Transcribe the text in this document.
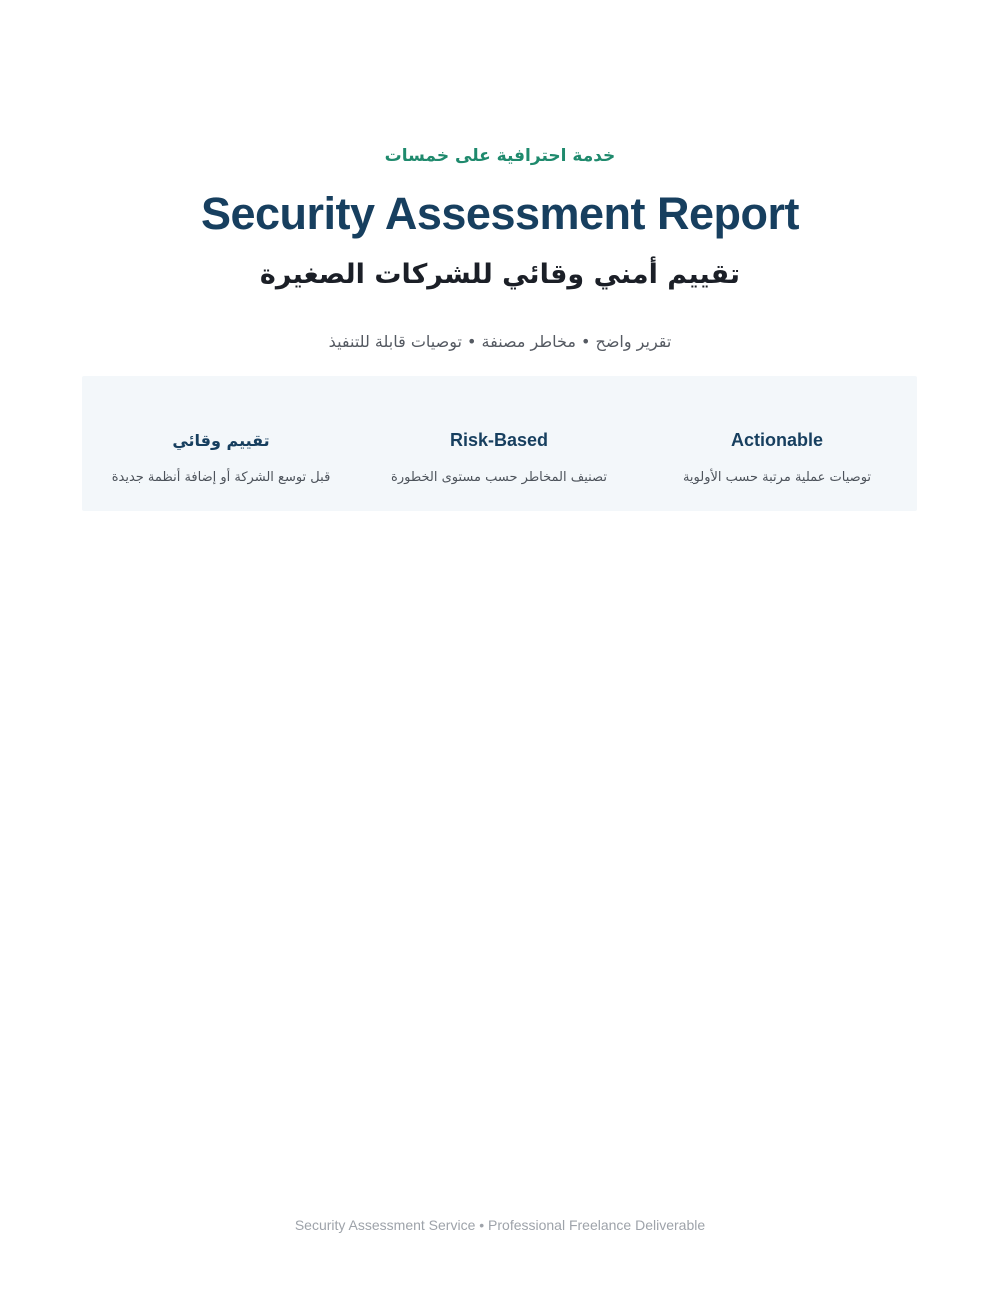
خدمة احترافية على خمسات
Security Assessment Report
تقييم أمني وقائي للشركات الصغيرة
تقرير واضح • مخاطر مصنفة • توصيات قابلة للتنفيذ
Actionable
توصيات عملية مرتبة حسب الأولوية
Risk-Based
تصنيف المخاطر حسب مستوى الخطورة
تقييم وقائي
قبل توسع الشركة أو إضافة أنظمة جديدة
Security Assessment Service • Professional Freelance Deliverable
